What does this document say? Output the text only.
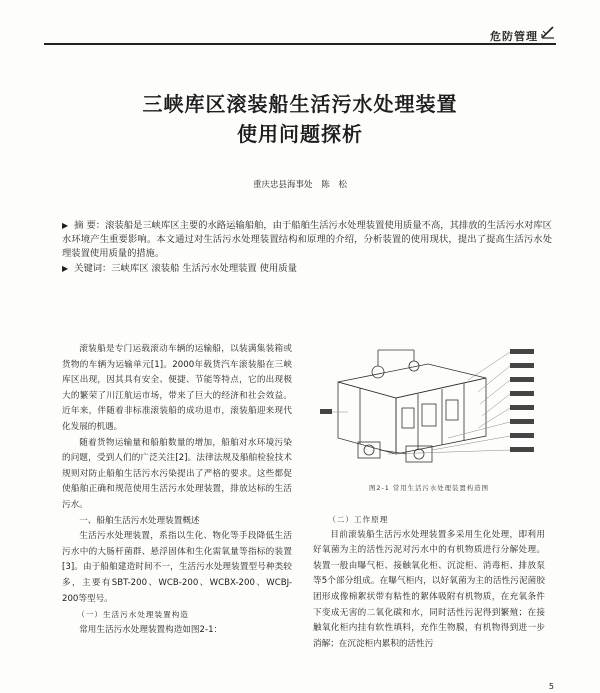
危防管理
三峡库区滚装船生活污水处理装置
使用问题探析
重庆忠县海事处 陈 松
▶ 摘 要：滚装船是三峡库区主要的水路运输船舶，由于船舶生活污水处理装置使用质量不高，其排放的生活污水对库区水环境产生重要影响。本文通过对生活污水处理装置结构和原理的介绍，分析装置的使用现状，提出了提高生活污水处理装置使用质量的措施。
▶ 关键词：三峡库区 滚装船 生活污水处理装置 使用质量

滚装船是专门运载滚动车辆的运输船，以装满集装箱或货物的车辆为运输单元[1]。2000年载货汽车滚装船在三峡库区出现，因其具有安全、便捷、节能等特点，它的出现极大的繁荣了川江航运市场，带来了巨大的经济和社会效益。近年来，伴随着非标准滚装船的成功退市，滚装船迎来现代化发展的机遇。

随着货物运输量和船舶数量的增加，船舶对水环境污染的问题，受到人们的广泛关注[2]。法律法规及船舶检验技术规则对防止船舶生活污水污染提出了严格的要求。这些都促使船舶正确和规范使用生活污水处理装置，排放达标的生活污水。

一、船舶生活污水处理装置概述

生活污水处理装置，系指以生化、物化等手段降低生活污水中的大肠杆菌群、悬浮固体和生化需氧量等指标的装置[3]。由于船舶建造时间不一，生活污水处理装置型号种类较多，主要有SBT-200、WCB-200、WCBX-200、WCBJ-200等型号。

（一）生活污水处理装置构造

常用生活污水处理装置构造如图2-1：

图2-1 常用生活污水处理装置构造图

（二）工作原理

目前滚装船生活污水处理装置多采用生化处理，即利用好氧菌为主的活性污泥对污水中的有机物质进行分解处理。装置一般由曝气柜、接触氧化柜、沉淀柜、消毒柜、排放泵等5个部分组成。在曝气柜内，以好氧菌为主的活性污泥菌胶团形成像棉絮状带有粘性的絮体吸附有机物质，在充氧条件下变成无害的二氧化碳和水，同时活性污泥得到繁殖；在接触氧化柜内挂有软性填料，充作生物膜，有机物得到进一步消解；在沉淀柜内累积的活性污

5
